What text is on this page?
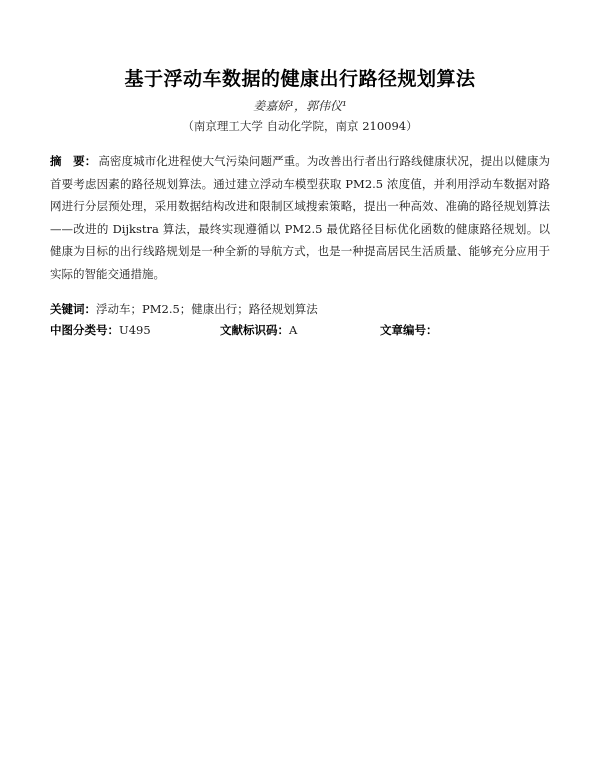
基于浮动车数据的健康出行路径规划算法
姜嘉娇¹，郭伟仪¹
（南京理工大学 自动化学院，南京 210094）
摘　要： 高密度城市化进程使大气污染问题严重。为改善出行者出行路线健康状况，提出以健康为首要考虑因素的路径规划算法。通过建立浮动车模型获取 PM2.5 浓度值，并利用浮动车数据对路网进行分层预处理，采用数据结构改进和限制区域搜索策略，提出一种高效、准确的路径规划算法 ——改进的 Dijkstra 算法，最终实现遵循以 PM2.5 最优路径目标优化函数的健康路径规划。以健康为目标的出行线路规划是一种全新的导航方式，也是一种提高居民生活质量、能够充分应用于实际的智能交通措施。
关键词：浮动车；PM2.5；健康出行；路径规划算法
中图分类号：U495	文献标识码：A	文章编号：
